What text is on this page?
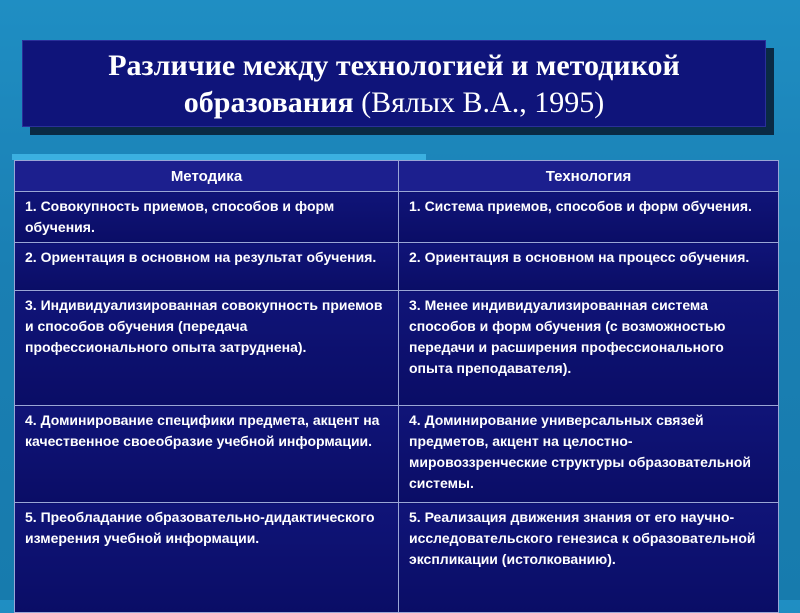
Различие между технологией и методикой образования (Вялых В.А., 1995)
Методика	Технология
1. Совокупность приемов, способов и форм обучения.	1. Система приемов, способов и форм обучения.
2. Ориентация в основном на результат обучения.	2. Ориентация в основном на процесс обучения.
3. Индивидуализированная совокупность приемов и способов обучения (передача профессионального опыта затруднена).	3. Менее индивидуализированная система способов и форм обучения (с возможностью передачи и расширения профессионального опыта преподавателя).
4. Доминирование специфики предмета, акцент на качественное своеобразие учебной информации.	4. Доминирование универсальных связей предметов, акцент на целостно-мировоззренческие структуры образовательной системы.
5. Преобладание образовательно-дидактического измерения учебной информации.	5. Реализация движения знания от его научно-исследовательского генезиса к образовательной экспликации (истолкованию).
